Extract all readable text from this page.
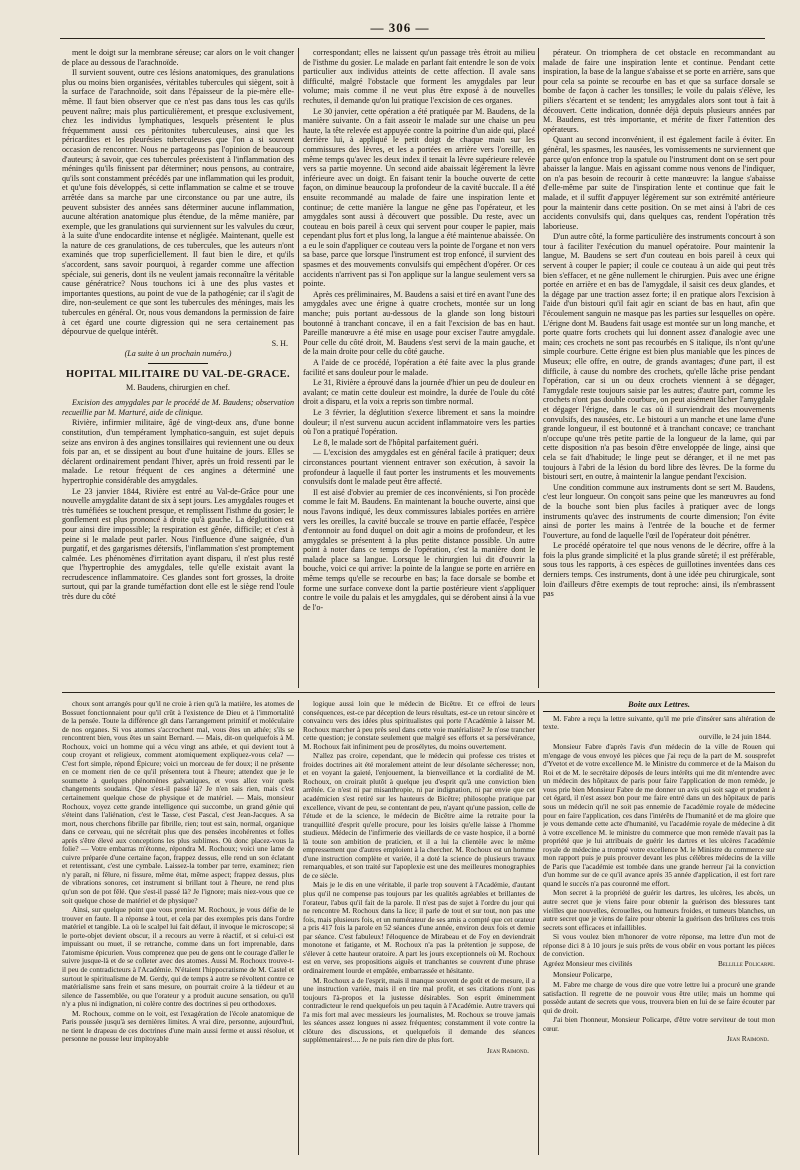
— 306 —

ment le doigt sur la membrane séreuse; car alors on le voit changer de place au dessous de l'arachnoïde.

Il survient souvent, outre ces lésions anatomiques, des granulations plus ou moins bien organisées, véritables tubercules qui siègent, soit à la surface de l'arachnoïde, soit dans l'épaisseur de la pie-mère elle-même. Il faut bien observer que ce n'est pas dans tous les cas qu'ils peuvent naître; mais plus particulièrement, et presque exclusivement, chez les individus lymphatiques, lesquels présentent le plus fréquemment aussi ces péritonites tuberculeuses, ainsi que les péricardites et les pleurésies tuberculeuses que l'on a si souvent occasion de rencontrer. Nous ne partageons pas l'opinion de beaucoup d'auteurs; à savoir, que ces tubercules préexistent à l'inflammation des méninges qu'ils finissent par déterminer; nous pensons, au contraire, qu'ils sont constamment précédés par une inflammation qui les produit, et qu'une fois développés, si cette inflammation se calme et se trouve arrêtée dans sa marche par une circonstance ou par une autre, ils peuvent subsister des années sans déterminer aucune inflammation, aucune altération anatomique plus étendue, de la même manière, par exemple, que les granulations qui surviennent sur les valvules du cœur, à la suite d'une endocardite intense et négligée. Maintenant, quelle est la nature de ces granulations, de ces tubercules, que les auteurs n'ont examinés que trop superficiellement. Il faut bien le dire, et qu'ils s'accordent, sans savoir pourquoi, à regarder comme une affection spéciale, sui generis, dont ils ne veulent jamais reconnaître la véritable cause génératrice? Nous touchons ici à une des plus vastes et importantes questions, au point de vue de la pathogénie; car il s'agit de dire, non-seulement ce que sont les tubercules des méninges, mais les tubercules en général. Or, nous vous demandons la permission de faire à cet égard une courte digression qui ne sera certainement pas dépourvue de quelque intérêt.

S. H.
(La suite à un prochain numéro.)
HOPITAL MILITAIRE DU VAL-DE-GRACE.
M. Baudens, chirurgien en chef.

Excision des amygdales par le procédé de M. Baudens; observation recueillie par M. Marturé, aide de clinique.

Rivière, infirmier militaire, âgé de vingt-deux ans, d'une bonne constitution, d'un tempérament lymphatico-sanguin, est sujet depuis seize ans environ à des angines tonsillaires qui reviennent une ou deux fois par an, et se dissipent au bout d'une huitaine de jours. Elles se déclarent ordinairement pendant l'hiver, après un froid ressenti par le malade. Le retour fréquent de ces angines a déterminé une hypertrophie considérable des amygdales.

Le 23 janvier 1844, Rivière est entré au Val-de-Grâce pour une nouvelle amygdalite datant de six à sept jours. Les amygdales rouges et très tuméfiées se touchent presque, et remplissent l'isthme du gosier; le gonflement est plus prononcé à droite qu'à gauche. La déglutition est pour ainsi dire impossible; la respiration est gênée, difficile; et c'est à peine si le malade peut parler. Nous l'influence d'une saignée, d'un purgatif, et des gargarismes détersifs, l'inflammation s'est promptement calmée. Les phénomènes d'irritation ayant disparu, il n'est plus resté que l'hypertrophie des amygdales, telle qu'elle existait avant la recrudescence inflammatoire. Ces glandes sont fort grosses, la droite surtout, qui par la grande tuméfaction dont elle est le siège rend l'oule très dure du côté

correspondant; elles ne laissent qu'un passage très étroit au milieu de l'isthme du gosier. Le malade en parlant fait entendre le son de voix particulier aux individus atteints de cette affection. Il avale sans difficulté, malgré l'obstacle que forment les amygdales par leur volume; mais comme il ne veut plus être exposé à de nouvelles rechutes, il demande qu'on lui pratique l'excision de ces organes.

Le 30 janvier, cette opération a été pratiquée par M. Baudens, de la manière suivante. On a fait asseoir le malade sur une chaise un peu haute, la tête relevée est appuyée contre la poitrine d'un aide qui, placé derrière lui, à appliqué le petit doigt de chaque main sur les commissures des lèvres, et les a portées en arrière vers l'oreille, en même temps qu'avec les deux index il tenait la lèvre supérieure relevée vers sa partie moyenne. Un second aide abaissait légèrement la lèvre inférieure avec un doigt. En faisant tenir la bouche ouverte de cette façon, on diminue beaucoup la profondeur de la cavité buccale. Il a été ensuite recommandé au malade de faire une inspiration lente et continue; de cette manière la langue ne gêne pas l'opérateur, et les amygdales sont aussi à découvert que possible. Du reste, avec un couteau en bois pareil à ceux qui servent pour couper le papier, mais cependant plus fort et plus long, la langue a été maintenue abaissée. On a eu le soin d'appliquer ce couteau vers la pointe de l'organe et non vers sa base, parce que lorsque l'instrument est trop enfoncé, il survient des spasmes et des mouvements convulsifs qui empêchent d'opérer. Or ces accidents n'arrivent pas si l'on applique sur la langue seulement vers sa pointe.

Après ces préliminaires, M. Baudens a saisi et tiré en avant l'une des amygdales avec une érigne à quatre crochets, montée sur un long manche; puis portant au-dessous de la glande son long bistouri boutonné à tranchant concave, il en a fait l'excision de bas en haut. Pareille manœuvre a été mise en usage pour exciser l'autre amygdale. Pour celle du côté droit, M. Baudens s'est servi de la main gauche, et de la main droite pour celle du côté gauche.

A l'aide de ce procédé, l'opération a été faite avec la plus grande facilité et sans douleur pour le malade.

Le 31, Rivière a éprouvé dans la journée d'hier un peu de douleur en avalant; ce matin cette douleur est moindre, la durée de l'oule du côté droit a disparu, et la voix a repris son timbre normal.

Le 3 février, la déglutition s'exerce librement et sans la moindre douleur; il n'est survenu aucun accident inflammatoire vers les parties où l'on a pratiqué l'opération.

Le 8, le malade sort de l'hôpital parfaitement guéri.

— L'excision des amygdales est en général facile à pratiquer; deux circonstances pourtant viennent entraver son exécution, à savoir la profondeur à laquelle il faut porter les instruments et les mouvements convulsifs dont le malade peut être affecté.

Il est aisé d'obvier au premier de ces inconvénients, si l'on procède comme le fait M. Baudens. En maintenant la bouche ouverte, ainsi que nous l'avons indiqué, les deux commissures labiales portées en arrière vers les oreilles, la cavité buccale se trouve en partie effacée, l'espèce d'entonnoir au fond duquel on doit agir a moins de profondeur, et les amygdales se présentent à la plus petite distance possible. Un autre point à noter dans ce temps de l'opération, c'est la manière dont le malade place sa langue. Lorsque le chirurgien lui dit d'ouvrir la bouche, voici ce qui arrive: la pointe de la langue se porte en arrière en même temps qu'elle se recourbe en bas; la face dorsale se bombe et forme une surface convexe dont la partie postérieure vient s'appliquer contre le voile du palais et les amygdales, qui se dérobent ainsi à la vue de l'o-

pérateur. On triomphera de cet obstacle en recommandant au malade de faire une inspiration lente et continue. Pendant cette inspiration, la base de la langue s'abaisse et se porte en arrière, sans que pour cela sa pointe se recourbe en bas et que sa surface dorsale se bombe de façon à cacher les tonsilles; le voile du palais s'élève, les piliers s'écartent et se tendent; les amygdales alors sont tout à fait à découvert. Cette indication, donnée déjà depuis plusieurs années par M. Baudens, est très importante, et mérite de fixer l'attention des opérateurs.

Quant au second inconvénient, il est également facile à éviter. En général, les spasmes, les nausées, les vomissements ne surviennent que parce qu'on enfonce trop la spatule ou l'instrument dont on se sert pour abaisser la langue. Mais en agissant comme nous venons de l'indiquer, on n'a pas besoin de recourir à cette manœuvre: la langue s'abaisse d'elle-même par suite de l'inspiration lente et continue que fait le malade, et il suffit d'appuyer légèrement sur son extrémité antérieure pour la maintenir dans cette position. On se met ainsi à l'abri de ces accidents convulsifs qui, dans quelques cas, rendent l'opération très laborieuse.

D'un autre côté, la forme particulière des instruments concourt à son tour à faciliter l'exécution du manuel opératoire. Pour maintenir la langue, M. Baudens se sert d'un couteau en bois pareil à ceux qui servent à couper le papier; il coule ce couteau à un aide qui peut très bien s'effacer, et ne gêne nullement le chirurgien. Puis avec une érigne portée en arrière et en bas de l'amygdale, il saisit ces deux glandes, et la dégage par une traction assez forte; il en pratique alors l'excision à l'aide d'un bistouri qu'il fait agir en sciant de bas en haut, afin que l'écoulement sanguin ne masque pas les parties sur lesquelles on opère. L'érigne dont M. Baudens fait usage est montée sur un long manche, et porte quatre forts crochets qui lui donnent assez d'analogie avec une main; ces crochets ne sont pas recourbés en S italique, ils n'ont qu'une simple courbure. Cette érigne est bien plus maniable que les pinces de Museux; elle offre, en outre, de grands avantages; d'une part, il est difficile, à cause du nombre des crochets, qu'elle lâche prise pendant l'opération, car si un ou deux crochets viennent à se dégager, l'amygdale reste toujours saisie par les autres; d'autre part, comme les crochets n'ont pas double courbure, on peut aisément lâcher l'amygdale et dégager l'érigne, dans le cas où il surviendrait des mouvements convulsifs, des nausées, etc. Le bistouri a un manche et une lame d'une grande longueur, il est boutonné et à tranchant concave; ce tranchant n'occupe qu'une très petite partie de la longueur de la lame, qui par cette disposition n'a pas besoin d'être enveloppée de linge, ainsi que cela se fait d'habitude; le linge peut se déranger, et il ne met pas toujours à l'abri de la lésion du bord libre des lèvres. De la forme du bistouri sert, en outre, à maintenir la langue pendant l'excision.

Une condition commune aux instruments dont se sert M. Baudens, c'est leur longueur. On conçoit sans peine que les manœuvres au fond de la bouche sont bien plus faciles à pratiquer avec de longs instruments qu'avec des instruments de courte dimension; l'on évite ainsi de porter les mains à l'entrée de la bouche et de fermer l'ouverture, au fond de laquelle l'œil de l'opérateur doit pénétrer.

Le procédé opératoire tel que nous venons de le décrire, offre à la fois la plus grande simplicité et la plus grande sûreté; il est préférable, sous tous les rapports, à ces espèces de guillotines inventées dans ces derniers temps. Ces instruments, dont à une idée peu chirurgicale, sont loin d'ailleurs d'être exempts de tout reproche: ainsi, ils n'embrassent pas

choux sont arrangés pour qu'il ne croie à rien qu'à la matière, les atomes de Bossuet fonctionnaient pour qu'il crût à l'existence de Dieu et à l'immortalité de la pensée. Toute la différence gît dans l'arrangement primitif et moléculaire de nos organes. Si vos atomes s'accrochent mal, vous êtes un athée; s'ils se rencontrent bien, vous êtes un saint Bernard. — Mais, dit-on quelquefois à M. Rochoux, voici un homme qui a vécu vingt ans athée, et qui devient tout à coup croyant et religieux, comment atomiquement expliquez-vous cela? — C'est fort simple, répond Épicure; voici un morceau de fer doux; il ne présente en ce moment rien de ce qu'il présentera tout à l'heure; attendez que je le soumette à quelques phénomènes galvaniques, et vous allez voir quels changements soudains. Que s'est-il passé là? Je n'en sais rien, mais c'est certainement quelque chose de physique et de matériel. — Mais, monsieur Rochoux, voyez cette grande intelligence qui succombe, un grand génie qui s'éteint dans l'aliénation, c'est le Tasse, c'est Pascal, c'est Jean-Jacques. A sa mort, nous cherchons fibrille par fibrille, rien; tout est sain, normal, organique dans ce cerveau, qui ne sécrétait plus que des pensées incohérentes et folles après s'être élevé aux conceptions les plus sublimes. Où donc placez-vous la folie? — Votre embarras m'étonne, répondra M. Rochoux; voici une lame de cuivre préparée d'une certaine façon, frappez dessus, elle rend un son éclatant et retentissant, c'est une cymbale. Laissez-la tomber par terre, examinez; rien n'y paraît, ni fêlure, ni fissure, même état, même aspect; frappez dessus, plus de vibrations sonores, cet instrument si brillant tout à l'heure, ne rend plus qu'un son de pot fêlé. Que s'est-il passé là? Je l'ignore; mais niez-vous que ce soit quelque chose de matériel et de physique?

Ainsi, sur quelque point que vous preniez M. Rochoux, je vous défie de le trouver en faute. Il a réponse à tout, et cela par des exemples pris dans l'ordre matériel et tangible. La où le scalpel lui fait défaut, il invoque le microscope; si le porte-objet devient obscur, il a recours au verre à réactif, et si celui-ci est impuissant ou muet, il se retranche, comme dans un fort imprenable, dans l'atomisme épicurien. Vous comprenez que peu de gens ont le courage d'aller le suivre jusque-là et de se colleter avec des atomes. Aussi M. Rochoux trouve-t-il peu de contradicteurs à l'Académie. N'étaient l'hippocratisme de M. Castel et surtout le spiritualisme de M. Gerdy, qui de temps à autre se révoltent contre ce matérialisme sans frein et sans mesure, on pourrait croire à la tiédeur et au silence de l'assemblée, ou que l'orateur y a produit aucune sensation, ou qu'il n'y a plus ni indignation, ni colère contre des doctrines si peu orthodoxes.

M. Rochoux, comme on le voit, est l'exagération de l'école anatomique de Paris poussée jusqu'à ses dernières limites. A vrai dire, personne, aujourd'hui, ne tient le drapeau de ces doctrines d'une main aussi ferme et aussi résolue, et personne ne pousse leur impitoyable

logique aussi loin que le médecin de Bicêtre. Et ce effroi de leurs conséquences, est-ce par déception de leurs résultats, est-ce un retour sincère et convaincu vers des idées plus spiritualistes qui porte l'Académie à laisser M. Rochoux marcher à peu près seul dans cette voie matérialiste? Je n'ose trancher cette question; je constate seulement que malgré ses efforts et sa persévérance, M. Rochoux fait infiniment peu de prosélytes, du moins ouvertement.

N'allez pas croire, cependant, que le médecin qui professe ces tristes et froides doctrines ait été moralement atteint de leur désolante sécheresse; non, et en voyant la gaieté, l'enjouement, la bienveillance et la cordialité de M. Rochoux, on croirait plutôt à quelque jeu d'esprit qu'à une conviction bien arrêtée. Ce n'est ni par misanthropie, ni par indignation, ni par envie que cet académicien s'est retiré sur les hauteurs de Bicêtre; philosophe pratique par excellence, vivant de peu, se contentant de peu, n'ayant qu'une passion, celle de l'étude et de la science, le médecin de Bicêtre aime la retraite pour la tranquillité d'esprit qu'elle procure, pour les loisirs qu'elle laisse à l'homme studieux. Médecin de l'infirmerie des vieillards de ce vaste hospice, il a borné là toute son ambition de praticien, et il a lui la clientèle avec le même empressement que d'autres emploient à la chercher. M. Rochoux est un homme d'une instruction complète et variée, il a doté la science de plusieurs travaux remarquables, et son traité sur l'apoplexie est une des meilleures monographies de ce siècle.

Mais je le dis en une véritable, il parle trop souvent à l'Académie, d'autant plus qu'il ne compense pas toujours par les qualités agréables et brillantes de l'orateur, l'abus qu'il fait de la parole. Il n'est pas de sujet à l'ordre du jour qui ne rencontre M. Rochoux dans la lice; il parle de tout et sur tout, non pas une fois, mais plusieurs fois, et un numérateur de ses amis a compté que cet orateur a pris 417 fois la parole en 52 séances d'une année, environ deux fois et demie par séance. C'est fabuleux! l'éloquence de Mirabeau et de Foy en deviendrait monotone et fatigante, et M. Rochoux n'a pas la prétention je suppose, de s'élever à cette hauteur oratoire. A part les jours exceptionnels où M. Rochoux est en verve, ses propositions aiguës et tranchantes se couvrent d'une phrase ordinairement lourde et empâtée, embarrassée et hésitante.

M. Rochoux a de l'esprit, mais il manque souvent de goût et de mesure, il a une instruction variée, mais il en tire mal profit, et ses citations n'ont pas toujours l'à-propos et la justesse désirables. Son esprit éminemment contradicteur le rend quelquefois un peu taquin à l'Académie. Autre travers qui l'a mis fort mal avec messieurs les journalistes, M. Rochoux se trouve jamais les séances assez longues ni assez fréquentes; constamment il vote contre la clôture des discussions, et quelquefois il demande des séances supplémentaires!.... Je ne puis rien dire de plus fort.

Jean Raimond.
Boite aux Lettres.

M. Fabre a reçu la lettre suivante, qu'il me prie d'insérer sans altération de texte.

ourville, le 24 juin 1844.

Monsieur Fabre d'après l'avis d'un médecin de la ville de Rouen qui m'engage de vous envoyé les pièces que j'ai reçu de la part de M. sousprefet d'Yvetot et de votre excellence M. le Ministre du commerce et de la Maison du Roi et de M. le secrétaire déposés de leurs intérêts qui me dit m'entendre avec un médecin des hôpitaux de paris pour faire l'application de mon remède, je vous prie bien Monsieur Fabre de me donner un avis qui soit sage et prudent à cet égard, il n'est assez bon pour me faire entré dans un des hôpitaux de paris sous un médecin qu'il ne soit pas ennemie de l'académie royale de médecine pour en faire l'application, ces dans l'intérêts de l'humanité et de ma gloire que je vous demande cette acte d'humanité, vu l'académie royale de médecine à dit à votre excellence M. le ministre du commerce que mon remède n'avait pas la propriété que je lui attribuais de guérir les dartres et les ulcères l'académie royale de médecine a trompé votre excellence M. le Ministre du commerce sur mon rapport puis je puis prouver devant les plus célèbres médecins de la ville de Paris que l'académie est tombée dans une grande herreur j'ai la conviction d'un homme sur de ce qu'il avance après 35 année d'application, il est fort rare quand le succès n'a pas couronné me effort.

Mon secret à la propriété de guérir les dartres, les ulcères, les abcès, un autre secret que je viens faire pour obtenir la guérison des blessures tant vieilles que nouvelles, écrouelles, ou humeurs froides, et tumeurs blanches, un autre secret que je viens de faire pour obtenir la guérison des brûlures ces trois secrets sont efficaces et infaillibles.

Si vous voulez bien m'honorer de votre réponse, ma lettre d'un mot de réponse dici 8 à 10 jours je suis prêts de vous obéir en vous portant les pièces de conviction.

Agréez Monsieur mes civilités	Bellille Policarpe.

Monsieur Policarpe,

M. Fabre me charge de vous dire que votre lettre lui a procuré une grande satisfaction. Il regrette de ne pouvoir vous être utile; mais un homme qui possède autant de secrets que vous, trouvera bien en lui de se faire écouter par qui de droit.

J'ai bien l'honneur, Monsieur Policarpe, d'être votre serviteur de tout mon cœur.

Jean Raimond.
